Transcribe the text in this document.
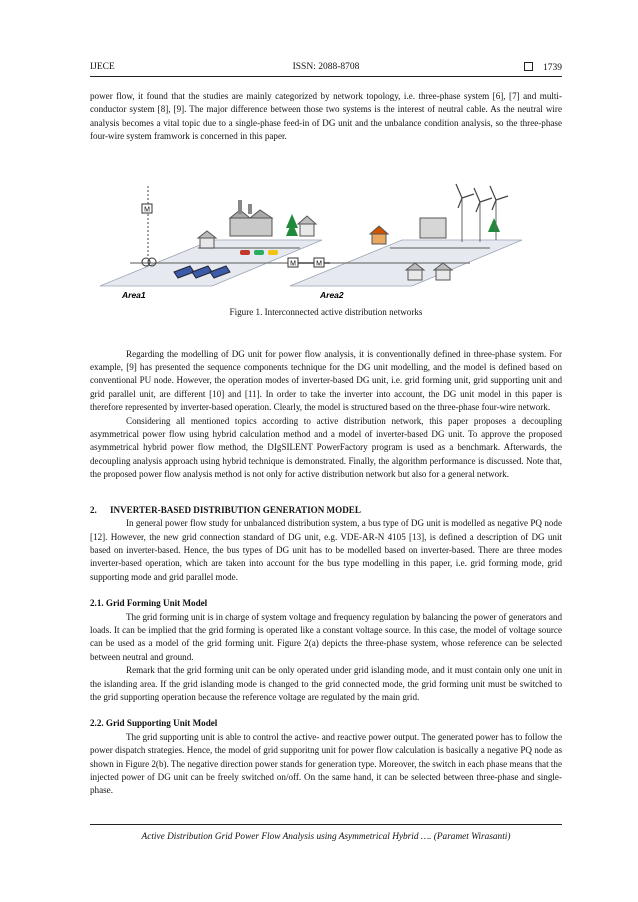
IJECE	ISSN: 2088-8708	1739

power flow, it found that the studies are mainly categorized by network topology, i.e. three-phase system [6], [7] and multi-conductor system [8], [9]. The major difference between those two systems is the interest of neutral cable. As the neutral wire analysis becomes a vital topic due to a single-phase feed-in of DG unit and the unbalance condition analysis, so the three-phase four-wire system framwork is concerned in this paper.

M
M	M
Area1	Area2
Figure 1. Interconnected active distribution networks

Regarding the modelling of DG unit for power flow analysis, it is conventionally defined in three-phase system. For example, [9] has presented the sequence components technique for the DG unit modelling, and the model is defined based on conventional PU node. However, the operation modes of inverter-based DG unit, i.e. grid forming unit, grid supporting unit and grid parallel unit, are different [10] and [11]. In order to take the inverter into account, the DG unit model in this paper is therefore represented by inverter-based operation. Clearly, the model is structured based on the three-phase four-wire network.

Considering all mentioned topics according to active distribution network, this paper proposes a decoupling asymmetrical power flow using hybrid calculation method and a model of inverter-based DG unit. To approve the proposed asymmetrical hybrid power flow method, the DIgSILENT PowerFactory program is used as a benchmark. Afterwards, the decoupling analysis approach using hybrid technique is demonstrated. Finally, the algorithm performance is discussed. Note that, the proposed power flow analysis method is not only for active distribution network but also for a general network.

2. INVERTER-BASED DISTRIBUTION GENERATION MODEL

In general power flow study for unbalanced distribution system, a bus type of DG unit is modelled as negative PQ node [12]. However, the new grid connection standard of DG unit, e.g. VDE-AR-N 4105 [13], is defined a description of DG unit based on inverter-based. Hence, the bus types of DG unit has to be modelled based on inverter-based. There are three modes inverter-based operation, which are taken into account for the bus type modelling in this paper, i.e. grid forming mode, grid supporting mode and grid parallel mode.

2.1. Grid Forming Unit Model

The grid forming unit is in charge of system voltage and frequency regulation by balancing the power of generators and loads. It can be implied that the grid forming is operated like a constant voltage source. In this case, the model of voltage source can be used as a model of the grid forming unit. Figure 2(a) depicts the three-phase system, whose reference can be selected between neutral and ground.

Remark that the grid forming unit can be only operated under grid islanding mode, and it must contain only one unit in the islanding area. If the grid islanding mode is changed to the grid connected mode, the grid forming unit must be switched to the grid supporting operation because the reference voltage are regulated by the main grid.

2.2. Grid Supporting Unit Model

The grid supporting unit is able to control the active- and reactive power output. The generated power has to follow the power dispatch strategies. Hence, the model of grid supporitng unit for power flow calculation is basically a negative PQ node as shown in Figure 2(b). The negative direction power stands for generation type. Moreover, the switch in each phase means that the injected power of DG unit can be freely switched on/off. On the same hand, it can be selected between three-phase and single-phase.

Active Distribution Grid Power Flow Analysis using Asymmetrical Hybrid …. (Paramet Wirasanti)
